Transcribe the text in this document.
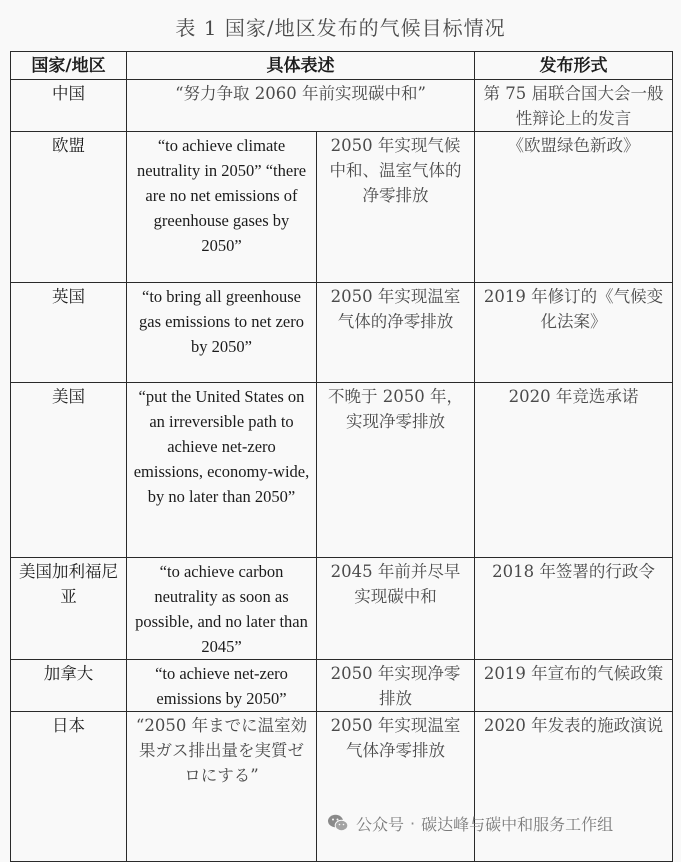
表 1 国家/地区发布的气候目标情况
国家/地区	具体表述		发布形式
中国	“努力争取 2060 年前实现碳中和”		第 75 届联合国大会一般性辩论上的发言
欧盟	“to achieve climate neutrality in 2050” “there are no net emissions of greenhouse gases by 2050”	2050 年实现气候中和、温室气体的净零排放	《欧盟绿色新政》
英国	“to bring all greenhouse gas emissions to net zero by 2050”	2050 年实现温室气体的净零排放	2019 年修订的《气候变化法案》
美国	“put the United States on an irreversible path to achieve net-zero emissions, economy-wide, by no later than 2050”	不晚于 2050 年，实现净零排放	2020 年竞选承诺
美国加利福尼亚	“to achieve carbon neutrality as soon as possible, and no later than 2045”	2045 年前并尽早实现碳中和	2018 年签署的行政令
加拿大	“to achieve net-zero emissions by 2050”	2050 年实现净零排放	2019 年宣布的气候政策
日本	“2050 年までに温室効果ガス排出量を実質ゼロにする”	2050 年实现温室气体净零排放	2020 年发表的施政演说
公众号 · 碳达峰与碳中和服务工作组
